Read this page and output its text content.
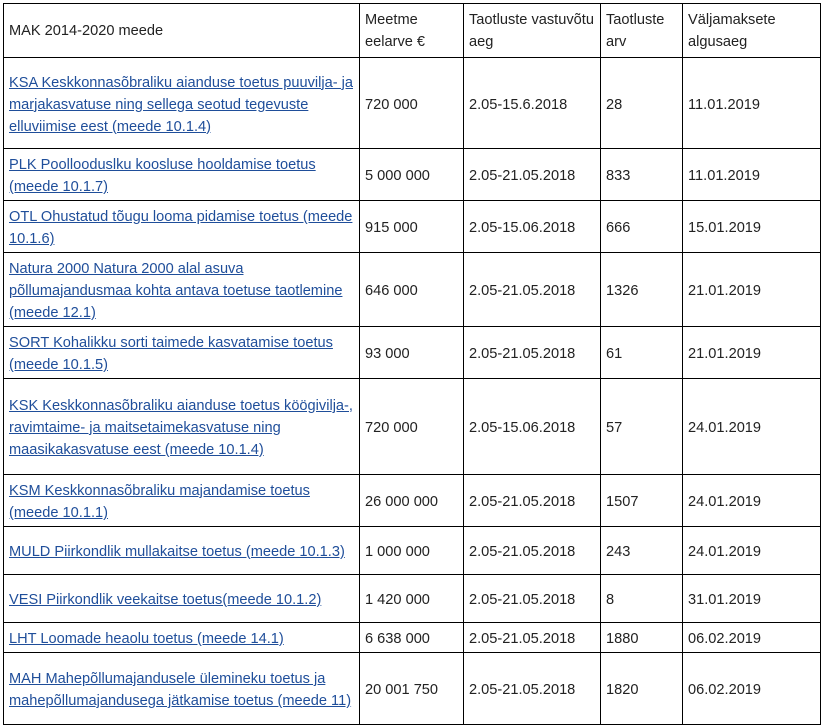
MAK 2014-2020 meede	Meetme eelarve €	Taotluste vastuvõtu aeg	Taotluste arv	Väljamaksete algusaeg
KSA Keskkonnasõbraliku aianduse toetus puuvilja- ja marjakasvatuse ning sellega seotud tegevuste elluviimise eest (meede 10.1.4)	720 000	2.05-15.6.2018	28	11.01.2019
PLK Poollooduslku koosluse hooldamise toetus (meede 10.1.7)	5 000 000	2.05-21.05.2018	833	11.01.2019
OTL Ohustatud tõugu looma pidamise toetus (meede 10.1.6)	915 000	2.05-15.06.2018	666	15.01.2019
Natura 2000 Natura 2000 alal asuva põllumajandusmaa kohta antava toetuse taotlemine (meede 12.1)	646 000	2.05-21.05.2018	1326	21.01.2019
SORT Kohalikku sorti taimede kasvatamise toetus (meede 10.1.5)	93 000	2.05-21.05.2018	61	21.01.2019
KSK Keskkonnasõbraliku aianduse toetus köögivilja-, ravimtaime- ja maitsetaimekasvatuse ning maasikakasvatuse eest (meede 10.1.4)	720 000	2.05-15.06.2018	57	24.01.2019
KSM Keskkonnasõbraliku majandamise toetus (meede 10.1.1)	26 000 000	2.05-21.05.2018	1507	24.01.2019
MULD Piirkondlik mullakaitse toetus (meede 10.1.3)	1 000 000	2.05-21.05.2018	243	24.01.2019
VESI Piirkondlik veekaitse toetus(meede 10.1.2)	1 420 000	2.05-21.05.2018	8	31.01.2019
LHT Loomade heaolu toetus (meede 14.1)	6 638 000	2.05-21.05.2018	1880	06.02.2019
MAH Mahepõllumajandusele ülemineku toetus ja mahepõllumajandusega jätkamise toetus (meede 11)	20 001 750	2.05-21.05.2018	1820	06.02.2019
